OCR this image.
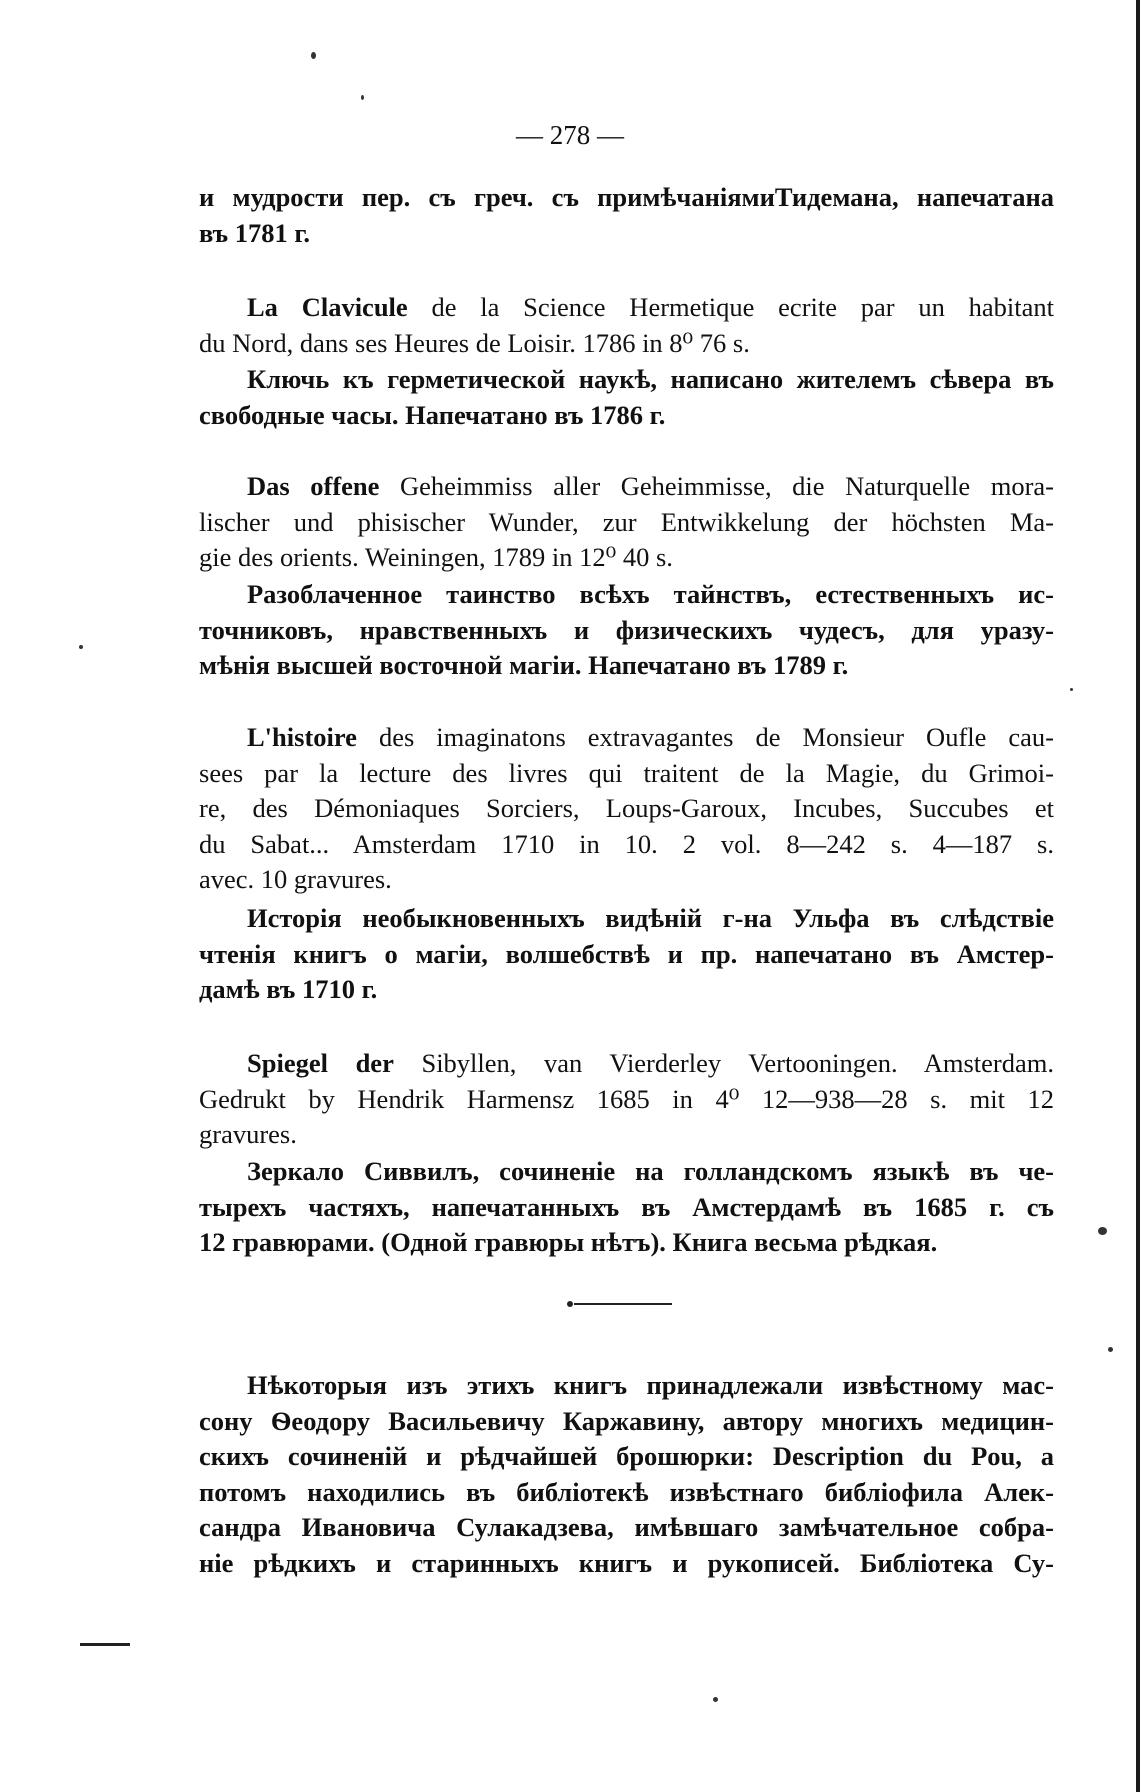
— 278 —
и мудрости пер. съ греч. съ примѣчаніямиТидемана, напечатана
въ 1781 г.
La Clavicule de la Science Hermetique ecrite par un habitant
du Nord, dans ses Heures de Loisir. 1786 in 8⁰ 76 s.
Ключь къ герметической наукѣ, написано жителемъ сѣвера въ
свободные часы. Напечатано въ 1786 г.
Das offene Geheimmiss aller Geheimmisse, die Naturquelle mora-
lischer und phisischer Wunder, zur Entwikkelung der höchsten Ma-
gie des orients. Weiningen, 1789 in 12⁰ 40 s.
Разоблаченное таинство всѣхъ тайнствъ, естественныхъ ис-
точниковъ, нравственныхъ и физическихъ чудесъ, для уразу-
мѣнія высшей восточной магіи. Напечатано въ 1789 г.
L'histoire des imaginatons extravagantes de Monsieur Oufle cau-
sees par la lecture des livres qui traitent de la Magie, du Grimoi-
re, des Démoniaques Sorciers, Loups-Garoux, Incubes, Succubes et
du Sabat... Amsterdam 1710 in 10. 2 vol. 8—242 s. 4—187 s.
avec. 10 gravures.
Исторія необыкновенныхъ видѣній г-на Ульфа въ слѣдствіе
чтенія книгъ о магіи, волшебствѣ и пр. напечатано въ Амстер-
дамѣ въ 1710 г.
Spiegel der Sibyllen, van Vierderley Vertooningen. Amsterdam.
Gedrukt by Hendrik Harmensz 1685 in 4⁰ 12—938—28 s. mit 12
gravures.
Зеркало Сиввилъ, сочиненіе на голландскомъ языкѣ въ че-
тырехъ частяхъ, напечатанныхъ въ Амстердамѣ въ 1685 г. съ
12 гравюрами. (Одной гравюры нѣтъ). Книга весьма рѣдкая.
Нѣкоторыя изъ этихъ книгъ принадлежали извѣстному мас-
сону Ѳеодору Васильевичу Каржавину, автору многихъ медицин-
скихъ сочиненій и рѣдчайшей брошюрки: Description du Pou, а
потомъ находились въ библіотекѣ извѣстнаго библіофила Алек-
сандра Ивановича Сулакадзева, имѣвшаго замѣчательное собра-
ніе рѣдкихъ и старинныхъ книгъ и рукописей. Библіотека Су-
